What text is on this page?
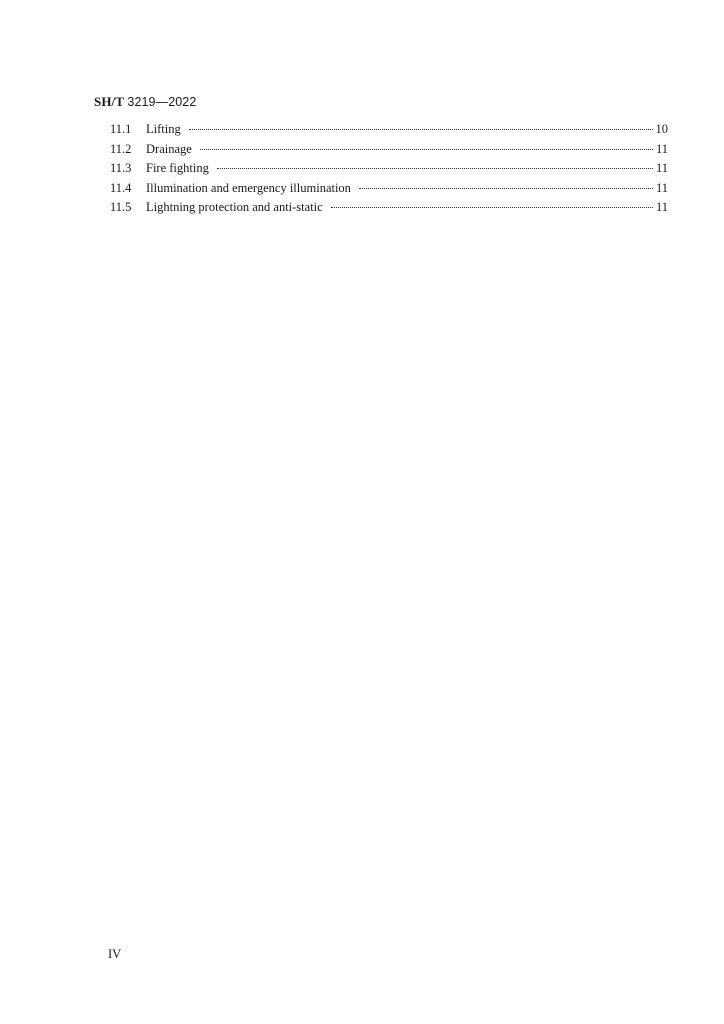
SH/T 3219—2022
11.1	Lifting	10
11.2	Drainage	11
11.3	Fire fighting	11
11.4	Illumination and emergency illumination	11
11.5	Lightning protection and anti-static	11
IV
